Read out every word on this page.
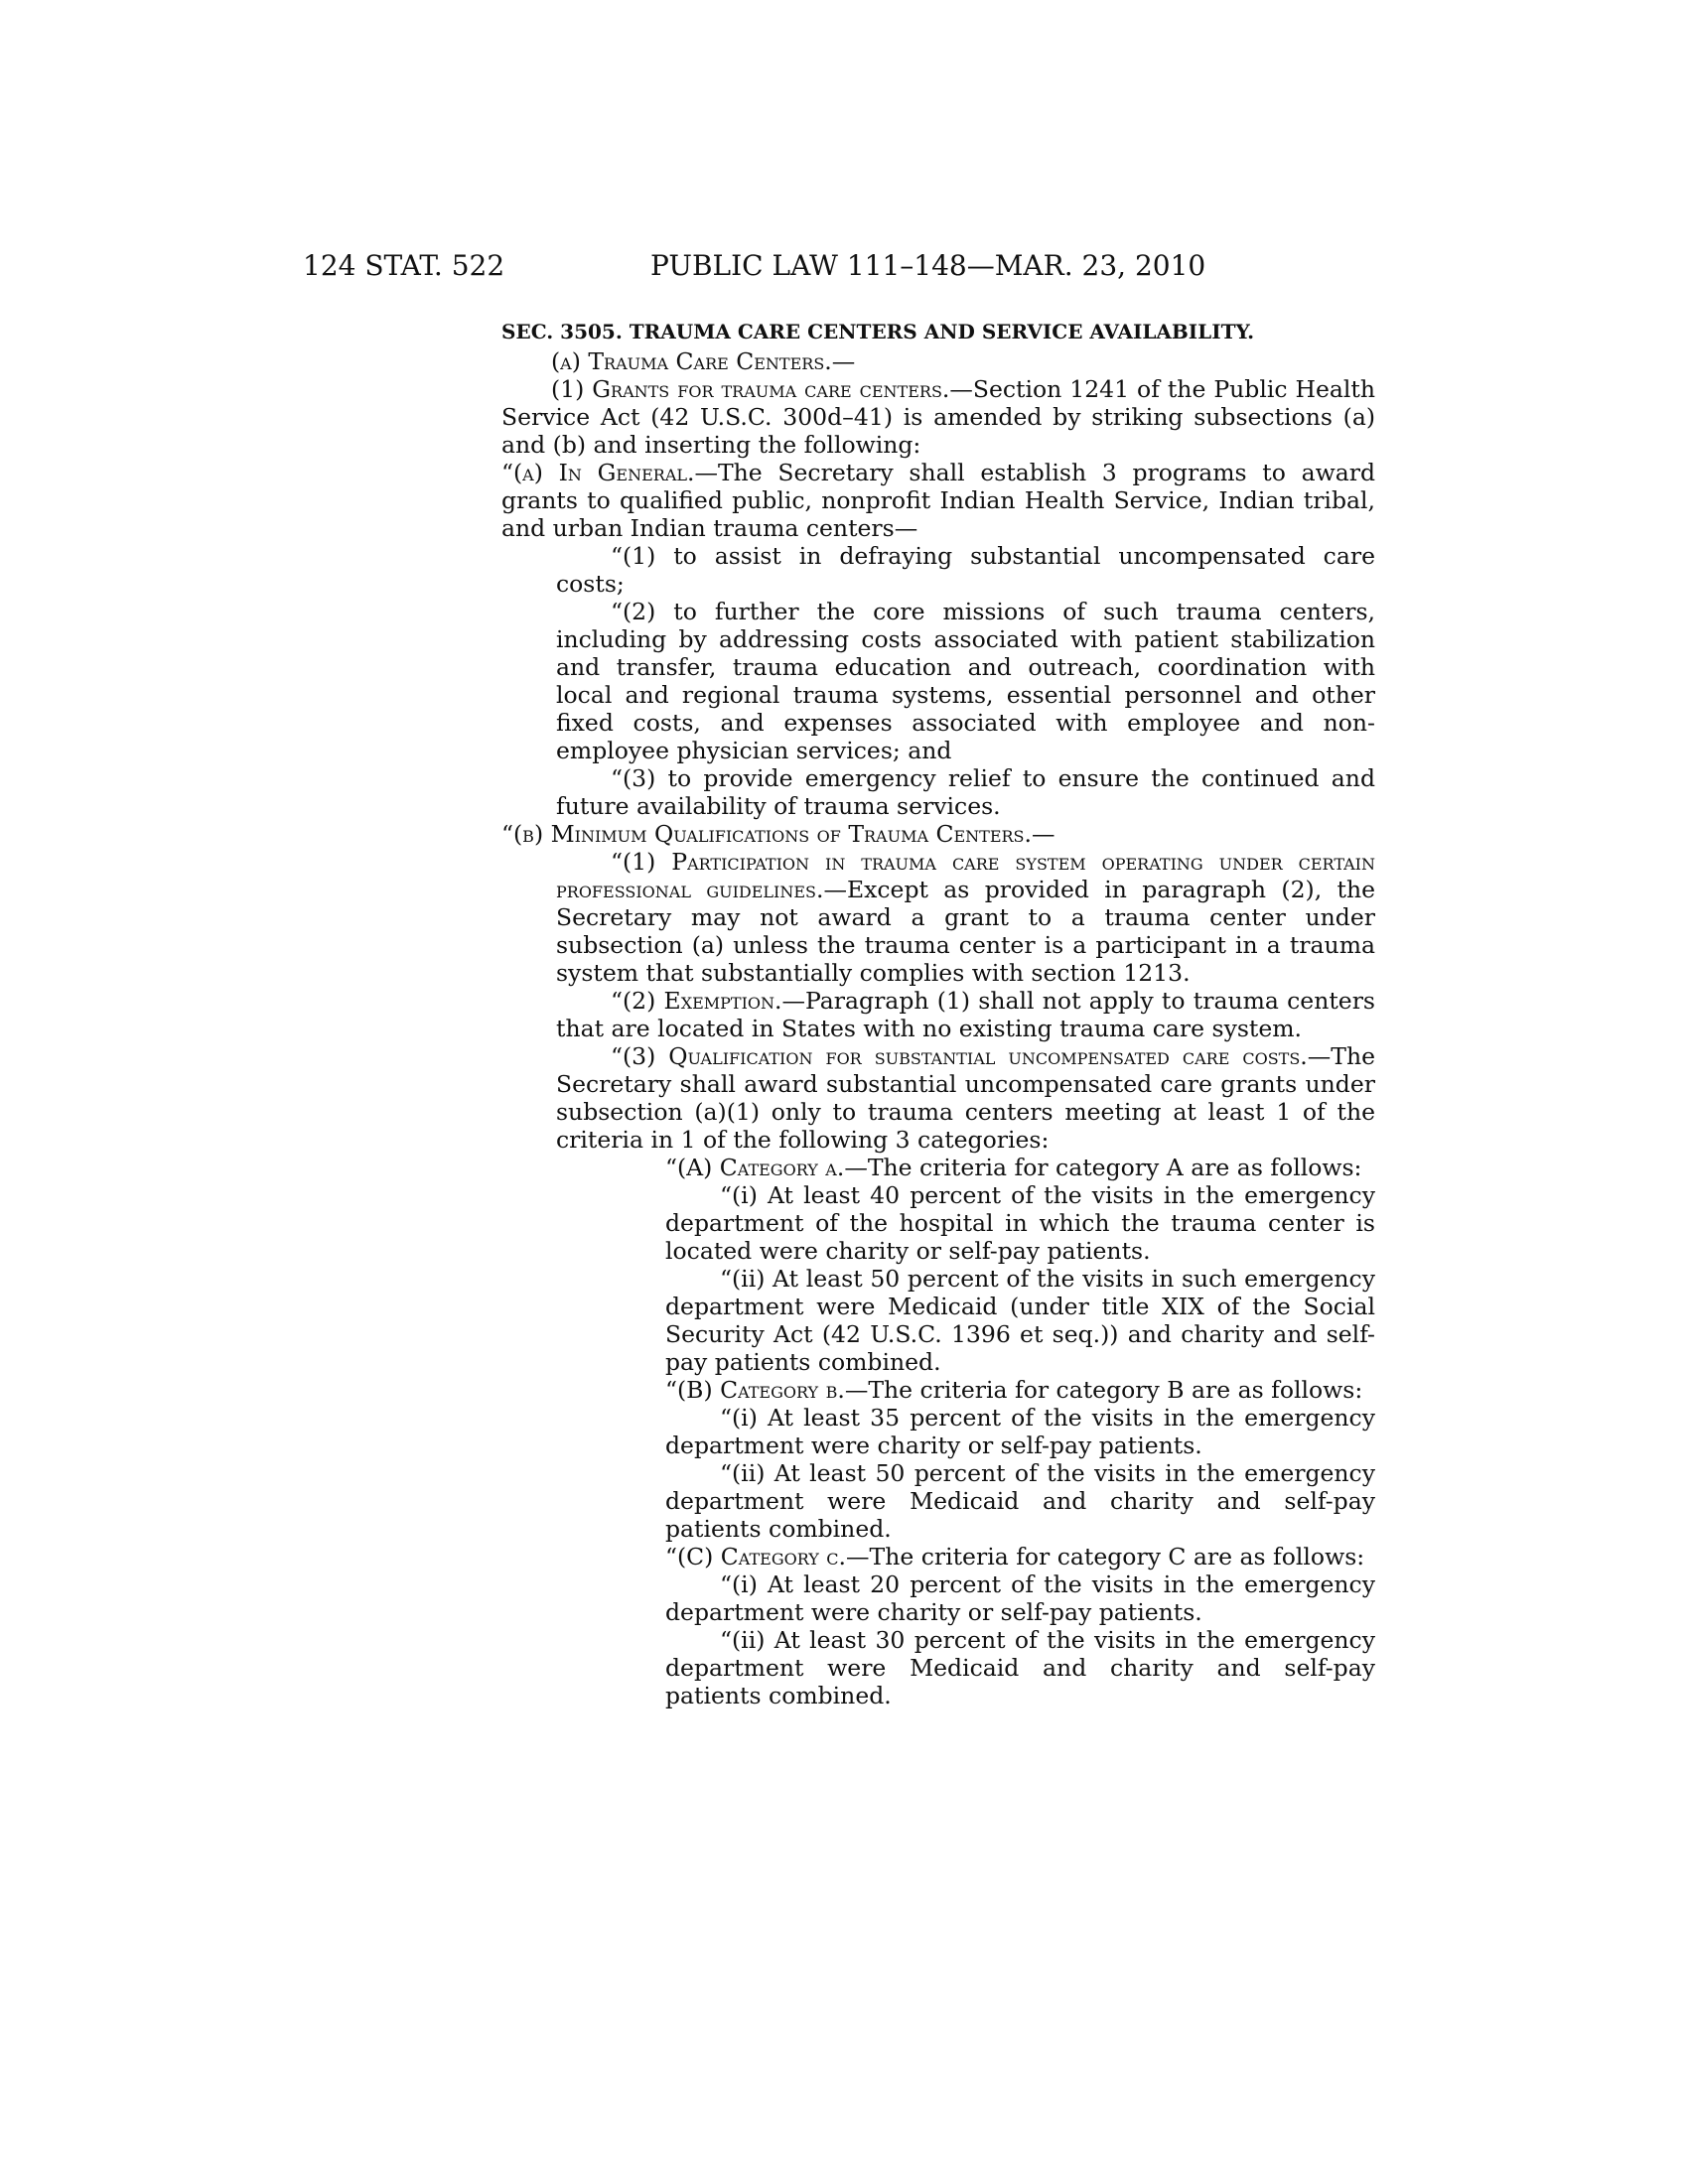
124 STAT. 522	PUBLIC LAW 111–148—MAR. 23, 2010
SEC. 3505. TRAUMA CARE CENTERS AND SERVICE AVAILABILITY.

(a) Trauma Care Centers.—

(1) Grants for trauma care centers.—Section 1241 of the Public Health Service Act (42 U.S.C. 300d–41) is amended by striking subsections (a) and (b) and inserting the following:

“(a) In General.—The Secretary shall establish 3 programs to award grants to qualified public, nonprofit Indian Health Service, Indian tribal, and urban Indian trauma centers—

“(1) to assist in defraying substantial uncompensated care costs;

“(2) to further the core missions of such trauma centers, including by addressing costs associated with patient stabilization and transfer, trauma education and outreach, coordination with local and regional trauma systems, essential personnel and other fixed costs, and expenses associated with employee and non-employee physician services; and

“(3) to provide emergency relief to ensure the continued and future availability of trauma services.

“(b) Minimum Qualifications of Trauma Centers.—

“(1) Participation in trauma care system operating under certain professional guidelines.—Except as provided in paragraph (2), the Secretary may not award a grant to a trauma center under subsection (a) unless the trauma center is a participant in a trauma system that substantially complies with section 1213.

“(2) Exemption.—Paragraph (1) shall not apply to trauma centers that are located in States with no existing trauma care system.

“(3) Qualification for substantial uncompensated care costs.—The Secretary shall award substantial uncompensated care grants under subsection (a)(1) only to trauma centers meeting at least 1 of the criteria in 1 of the following 3 categories:

“(A) Category a.—The criteria for category A are as follows:

“(i) At least 40 percent of the visits in the emergency department of the hospital in which the trauma center is located were charity or self-pay patients.

“(ii) At least 50 percent of the visits in such emergency department were Medicaid (under title XIX of the Social Security Act (42 U.S.C. 1396 et seq.)) and charity and self-pay patients combined.

“(B) Category b.—The criteria for category B are as follows:

“(i) At least 35 percent of the visits in the emergency department were charity or self-pay patients.

“(ii) At least 50 percent of the visits in the emergency department were Medicaid and charity and self-pay patients combined.

“(C) Category c.—The criteria for category C are as follows:

“(i) At least 20 percent of the visits in the emergency department were charity or self-pay patients.

“(ii) At least 30 percent of the visits in the emergency department were Medicaid and charity and self-pay patients combined.
